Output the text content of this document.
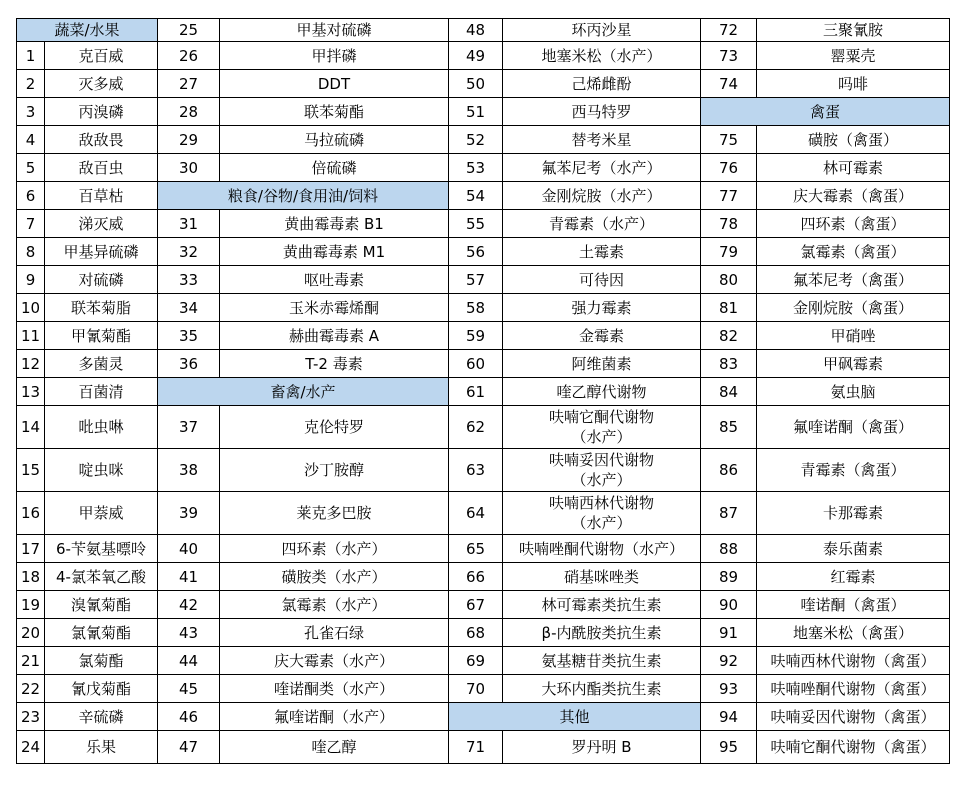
蔬菜/水果		25	甲基对硫磷	48	环丙沙星	72	三聚氰胺
1	克百威	26	甲拌磷	49	地塞米松（水产）	73	罂粟壳
2	灭多威	27	DDT	50	己烯雌酚	74	吗啡
3	丙溴磷	28	联苯菊酯	51	西马特罗	禽蛋	
4	敌敌畏	29	马拉硫磷	52	替考米星	75	磺胺（禽蛋）
5	敌百虫	30	倍硫磷	53	氟苯尼考（水产）	76	林可霉素
6	百草枯	粮食/谷物/食用油/饲料		54	金刚烷胺（水产）	77	庆大霉素（禽蛋）
7	涕灭威	31	黄曲霉毒素 B1	55	青霉素（水产）	78	四环素（禽蛋）
8	甲基异硫磷	32	黄曲霉毒素 M1	56	土霉素	79	氯霉素（禽蛋）
9	对硫磷	33	呕吐毒素	57	可待因	80	氟苯尼考（禽蛋）
10	联苯菊脂	34	玉米赤霉烯酮	58	强力霉素	81	金刚烷胺（禽蛋）
11	甲氰菊酯	35	赫曲霉毒素 A	59	金霉素	82	甲硝唑
12	多菌灵	36	T-2 毒素	60	阿维菌素	83	甲砜霉素
13	百菌清	畜禽/水产		61	喹乙醇代谢物	84	氨虫脑
14	吡虫啉	37	克伦特罗	62	呋喃它酮代谢物
（水产）	85	氟喹诺酮（禽蛋）
15	啶虫咪	38	沙丁胺醇	63	呋喃妥因代谢物
（水产）	86	青霉素（禽蛋）
16	甲萘威	39	莱克多巴胺	64	呋喃西林代谢物
（水产）	87	卡那霉素
17	6-苄氨基嘌呤	40	四环素（水产）	65	呋喃唑酮代谢物（水产）	88	泰乐菌素
18	4-氯苯氧乙酸	41	磺胺类（水产）	66	硝基咪唑类	89	红霉素
19	溴氰菊酯	42	氯霉素（水产）	67	林可霉素类抗生素	90	喹诺酮（禽蛋）
20	氯氰菊酯	43	孔雀石绿	68	β-内酰胺类抗生素	91	地塞米松（禽蛋）
21	氯菊酯	44	庆大霉素（水产）	69	氨基糖苷类抗生素	92	呋喃西林代谢物（禽蛋）
22	氰戊菊酯	45	喹诺酮类（水产）	70	大环内酯类抗生素	93	呋喃唑酮代谢物（禽蛋）
23	辛硫磷	46	氟喹诺酮（水产）	其他		94	呋喃妥因代谢物（禽蛋）
24	乐果	47	喹乙醇	71	罗丹明 B	95	呋喃它酮代谢物（禽蛋）
